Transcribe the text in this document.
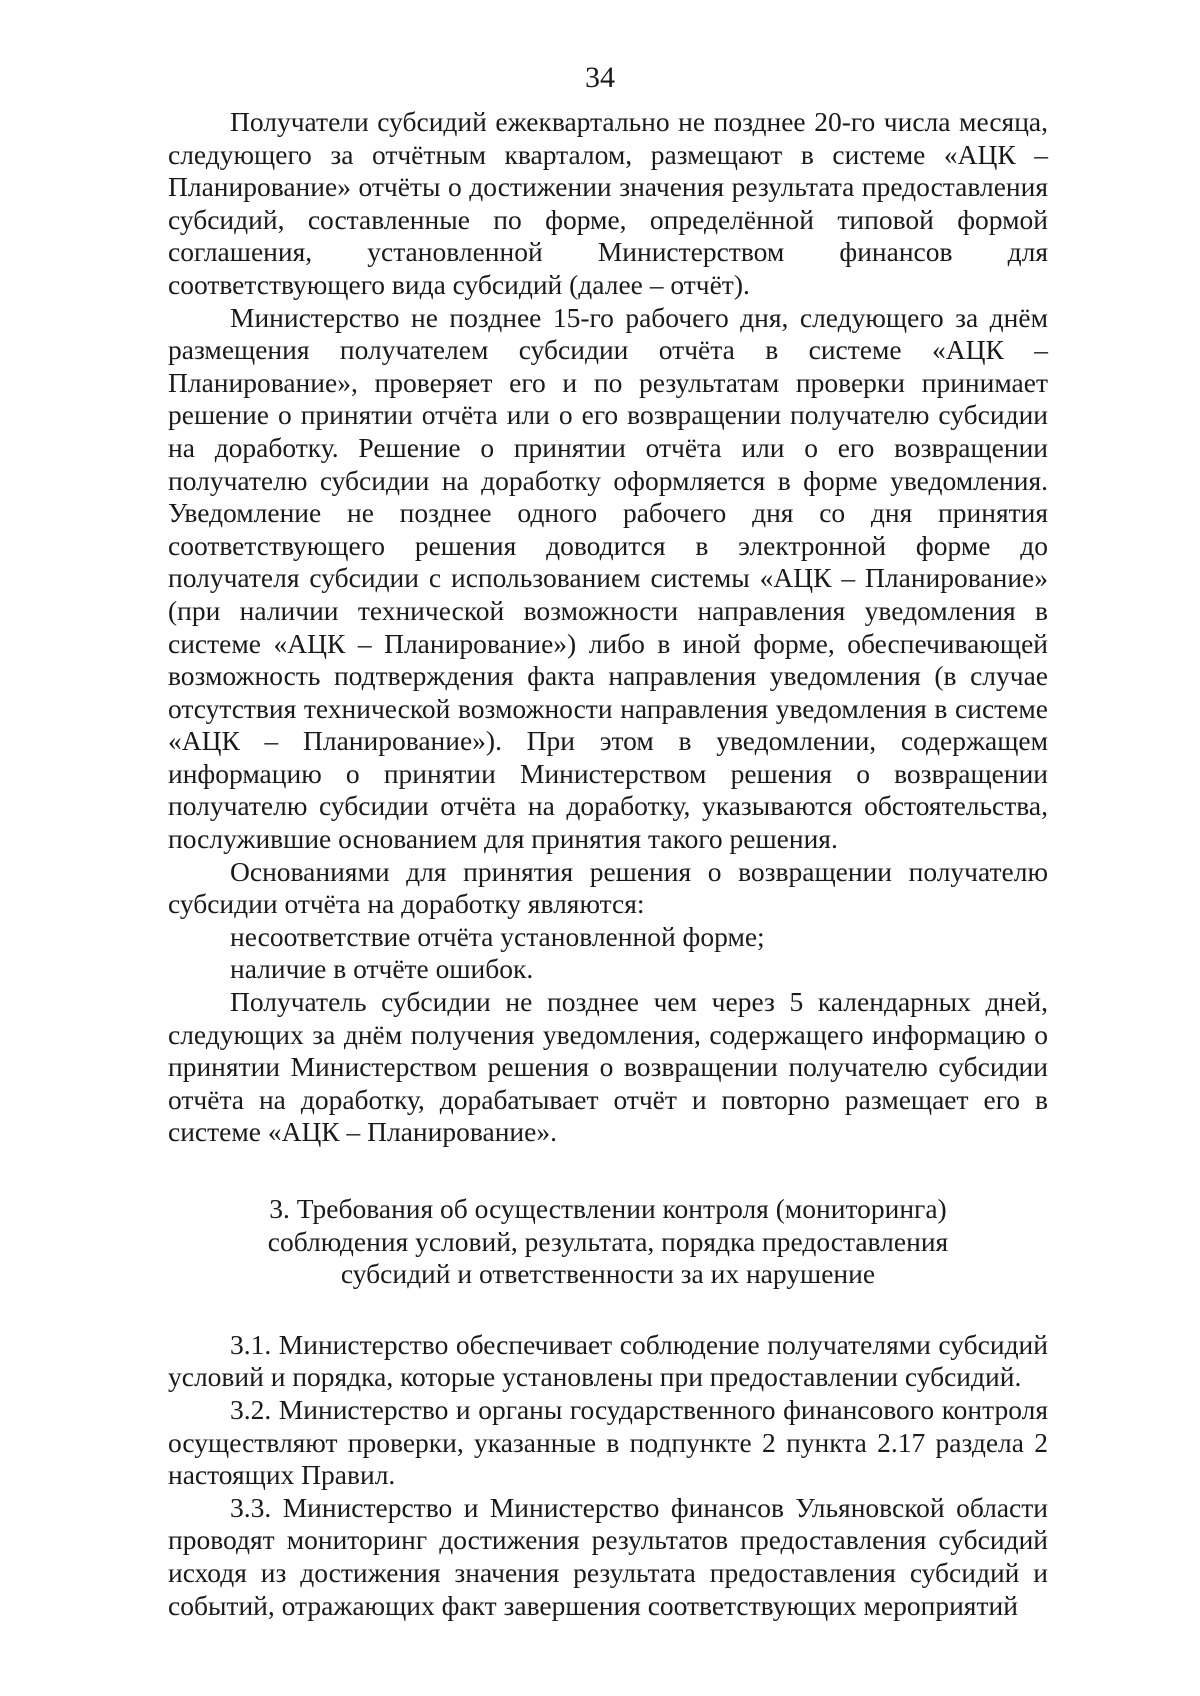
34

Получатели субсидий ежеквартально не позднее 20-го числа месяца, следующего за отчётным кварталом, размещают в системе «АЦК – Планирование» отчёты о достижении значения результата предоставления субсидий, составленные по форме, определённой типовой формой соглашения, установленной Министерством финансов для соответствующего вида субсидий (далее – отчёт).

Министерство не позднее 15-го рабочего дня, следующего за днём размещения получателем субсидии отчёта в системе «АЦК – Планирование», проверяет его и по результатам проверки принимает решение о принятии отчёта или о его возвращении получателю субсидии на доработку. Решение о принятии отчёта или о его возвращении получателю субсидии на доработку оформляется в форме уведомления. Уведомление не позднее одного рабочего дня со дня принятия соответствующего решения доводится в электронной форме до получателя субсидии с использованием системы «АЦК – Планирование» (при наличии технической возможности направления уведомления в системе «АЦК – Планирование») либо в иной форме, обеспечивающей возможность подтверждения факта направления уведомления (в случае отсутствия технической возможности направления уведомления в системе «АЦК – Планирование»). При этом в уведомлении, содержащем информацию о принятии Министерством решения о возвращении получателю субсидии отчёта на доработку, указываются обстоятельства, послужившие основанием для принятия такого решения.

Основаниями для принятия решения о возвращении получателю субсидии отчёта на доработку являются:

несоответствие отчёта установленной форме;

наличие в отчёте ошибок.

Получатель субсидии не позднее чем через 5 календарных дней, следующих за днём получения уведомления, содержащего информацию о принятии Министерством решения о возвращении получателю субсидии отчёта на доработку, дорабатывает отчёт и повторно размещает его в системе «АЦК – Планирование».

3. Требования об осуществлении контроля (мониторинга)
соблюдения условий, результата, порядка предоставления
субсидий и ответственности за их нарушение

3.1. Министерство обеспечивает соблюдение получателями субсидий условий и порядка, которые установлены при предоставлении субсидий.

3.2. Министерство и органы государственного финансового контроля осуществляют проверки, указанные в подпункте 2 пункта 2.17 раздела 2 настоящих Правил.

3.3. Министерство и Министерство финансов Ульяновской области проводят мониторинг достижения результатов предоставления субсидий исходя из достижения значения результата предоставления субсидий и событий, отражающих факт завершения соответствующих мероприятий
